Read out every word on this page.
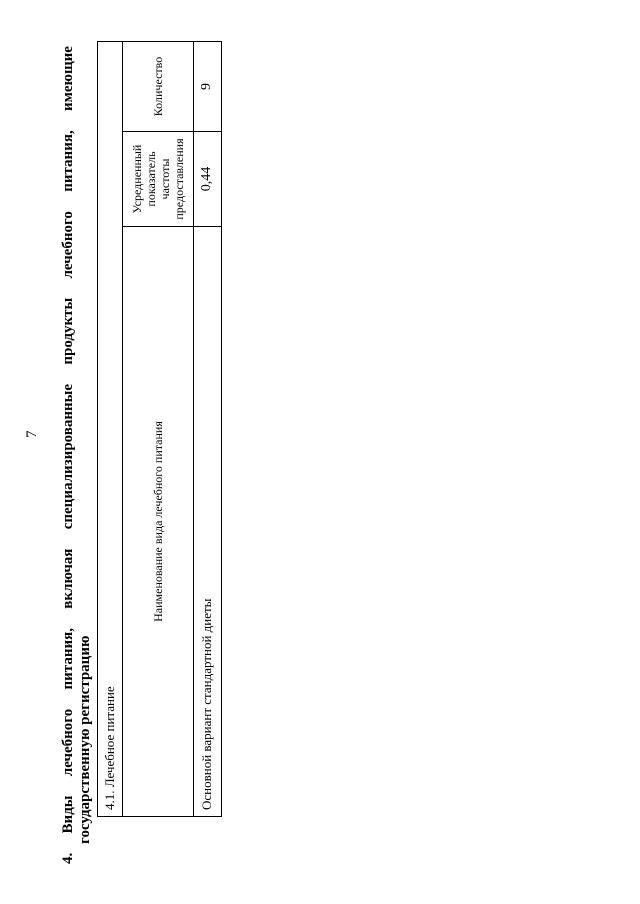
7
4.
Виды
лечебного
питания,
включая
специализированные
продукты
лечебного
питания,
имеющие
государственную регистрацию 4.1. Лечебное питание		
Наименование вида лечебного питания	Усредненный показатель частоты предоставления	Количество
Основной вариант стандартной диеты	0,44	9
